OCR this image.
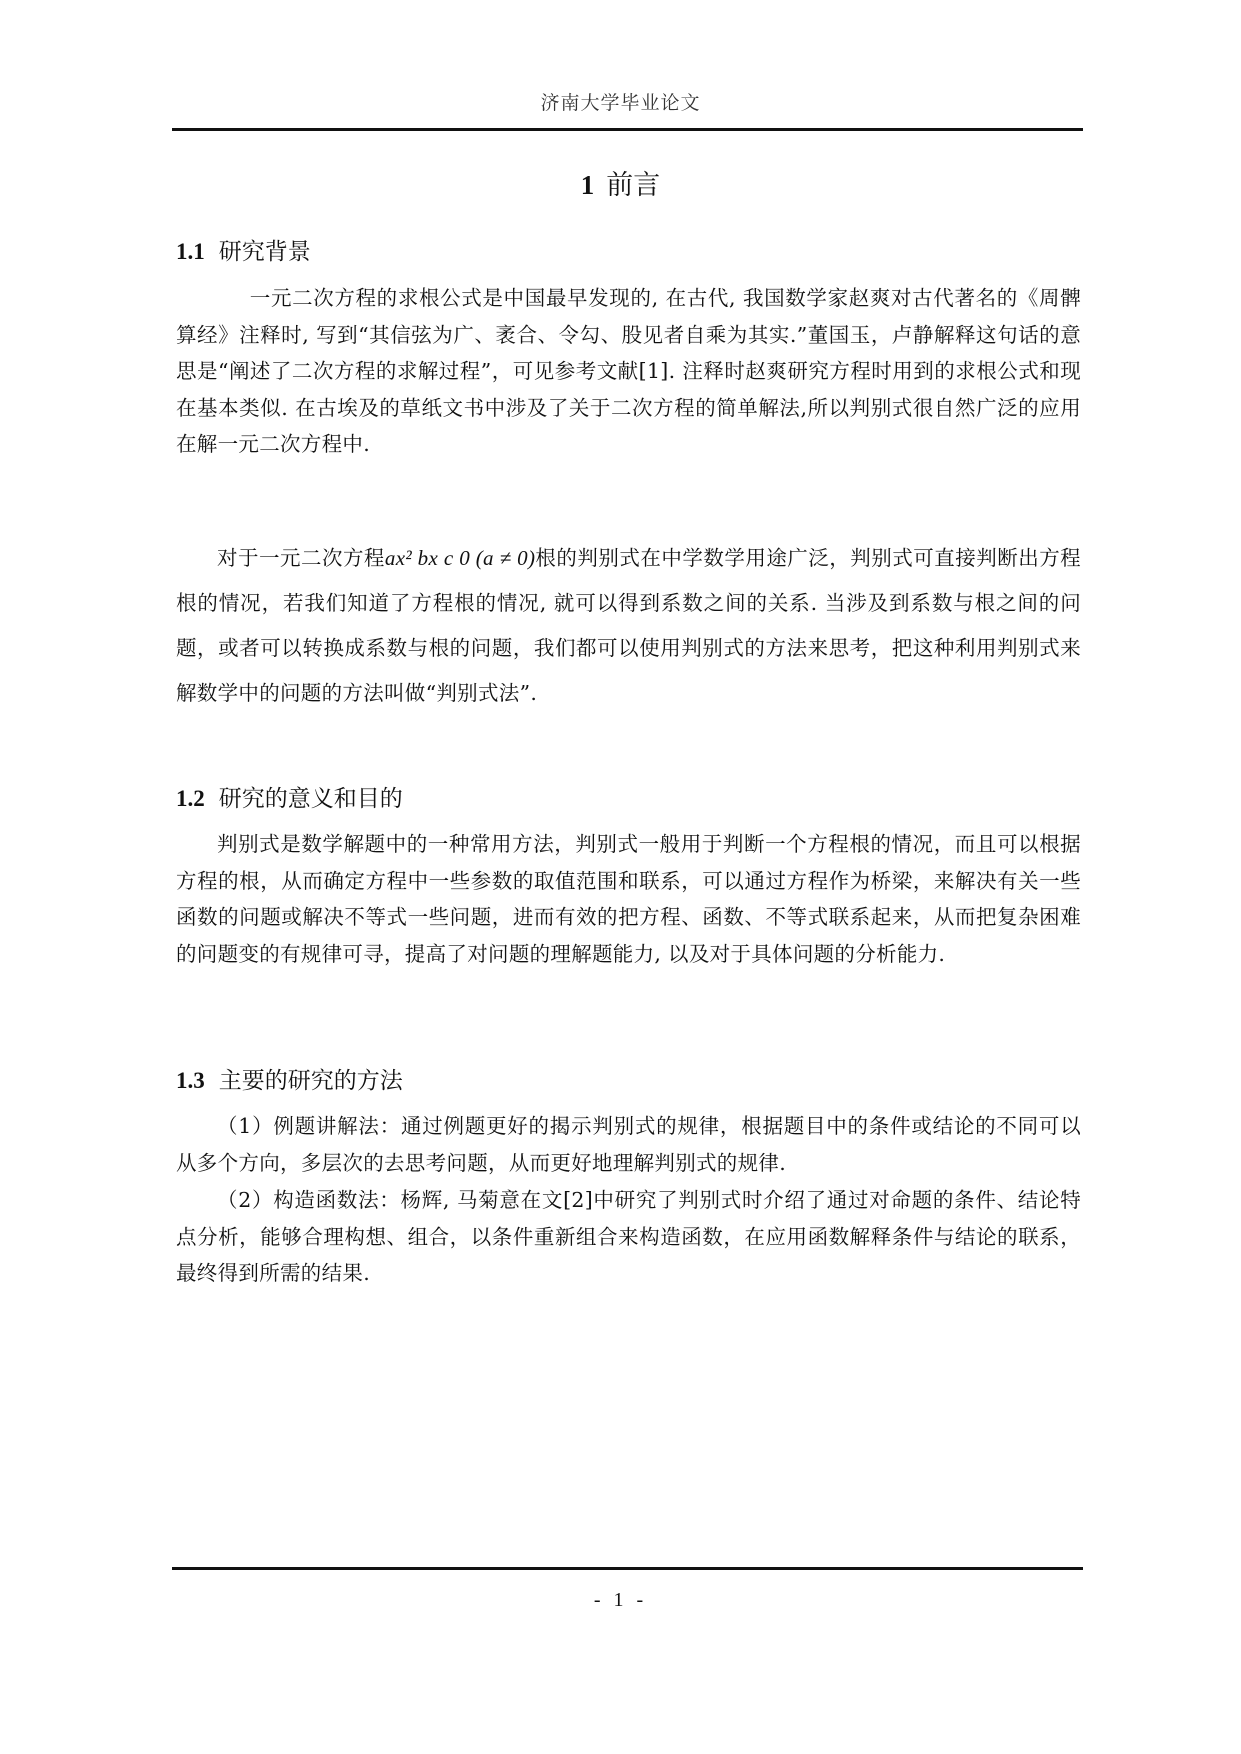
济南大学毕业论文
1 前言
1.1 研究背景

一元二次方程的求根公式是中国最早发现的, 在古代, 我国数学家赵爽对古代著名的《周髀算经》注释时, 写到“其信弦为广、袤合、令勾、股见者自乘为其实.”董国玉，卢静解释这句话的意思是“阐述了二次方程的求解过程”，可见参考文献[1]. 注释时赵爽研究方程时用到的求根公式和现在基本类似. 在古埃及的草纸文书中涉及了关于二次方程的简单解法,所以判别式很自然广泛的应用在解一元二次方程中.

对于一元二次方程ax² bx c 0 (a ≠ 0)根的判别式在中学数学用途广泛，判别式可直接判断出方程根的情况，若我们知道了方程根的情况, 就可以得到系数之间的关系. 当涉及到系数与根之间的问题，或者可以转换成系数与根的问题，我们都可以使用判别式的方法来思考，把这种利用判别式来解数学中的问题的方法叫做“判别式法”.

1.2 研究的意义和目的

判别式是数学解题中的一种常用方法，判别式一般用于判断一个方程根的情况，而且可以根据方程的根，从而确定方程中一些参数的取值范围和联系，可以通过方程作为桥梁，来解决有关一些函数的问题或解决不等式一些问题，进而有效的把方程、函数、不等式联系起来，从而把复杂困难的问题变的有规律可寻，提高了对问题的理解题能力, 以及对于具体问题的分析能力.

1.3 主要的研究的方法

（1）例题讲解法：通过例题更好的揭示判别式的规律，根据题目中的条件或结论的不同可以从多个方向，多层次的去思考问题，从而更好地理解判别式的规律.

（2）构造函数法：杨辉, 马菊意在文[2]中研究了判别式时介绍了通过对命题的条件、结论特点分析，能够合理构想、组合，以条件重新组合来构造函数，在应用函数解释条件与结论的联系，最终得到所需的结果.

- 1 -
